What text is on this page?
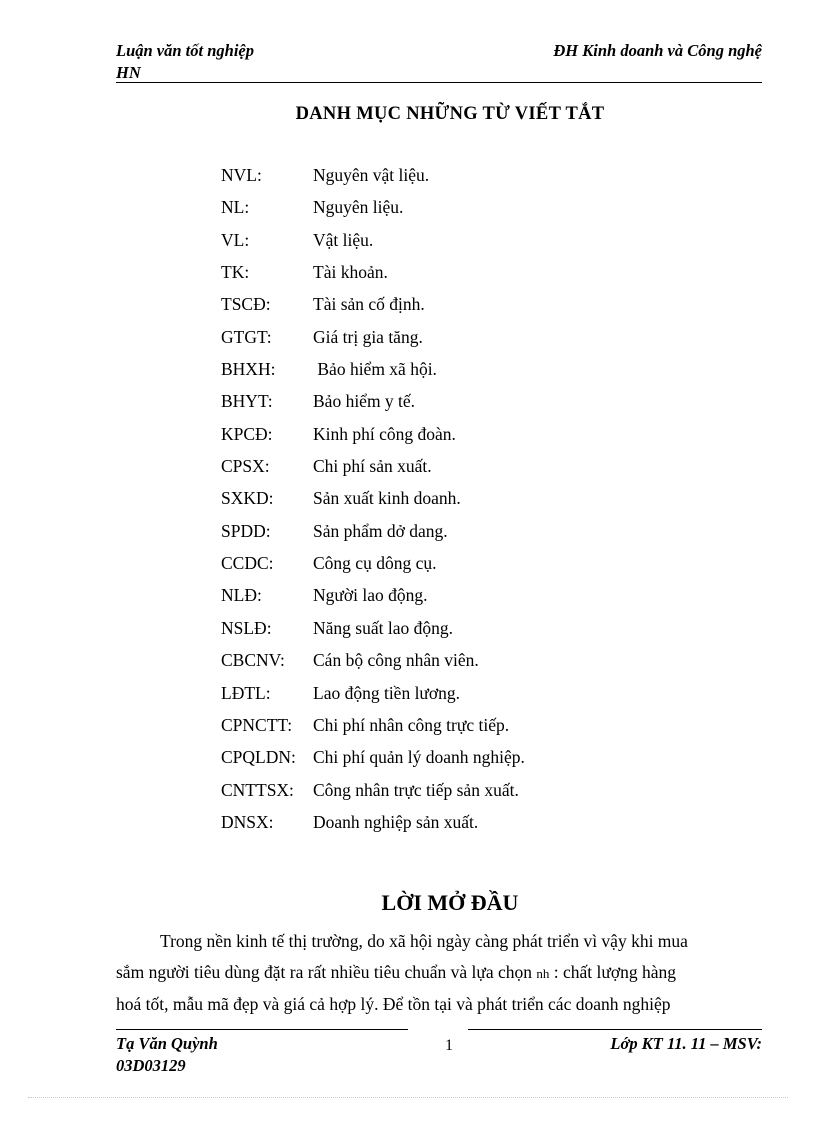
Luận văn tốt nghiệp
HN
ĐH Kinh doanh và Công nghệ
DANH MỤC NHỮNG TỪ VIẾT TẮT
NVL:	Nguyên vật liệu.
NL:	Nguyên liệu.
VL:	Vật liệu.
TK:	Tài khoản.
TSCĐ: Tài sản cố định.
GTGT: Giá trị gia tăng.
BHXH: Bảo hiểm xã hội.
BHYT: Bảo hiểm y tế.
KPCĐ: Kinh phí công đoàn.
CPSX: Chi phí sản xuất.
SXKD: Sản xuất kinh doanh.
SPDD: Sản phẩm dở dang.
CCDC: Công cụ dông cụ.
NLĐ:	Người lao động.
NSLĐ: Năng suất lao động.
CBCNV: Cán bộ công nhân viên.
LĐTL: Lao động tiền lương.
CPNCTT: Chi phí nhân công trực tiếp.
CPQLDN: Chi phí quản lý doanh nghiệp.
CNTTSX: Công nhân trực tiếp sản xuất.
DNSX: Doanh nghiệp sản xuất.
LỜI MỞ ĐẦU
Trong nền kinh tế thị trường, do xã hội ngày càng phát triển vì vậy khi mua
sắm người tiêu dùng đặt ra rất nhiều tiêu chuẩn và lựa chọn nh : chất lượng hàng
hoá tốt, mẫu mã đẹp và giá cả hợp lý. Để tồn tại và phát triển các doanh nghiệp
Tạ Văn Quỳnh
03D03129
1	Lớp KT 11. 11 – MSV:
